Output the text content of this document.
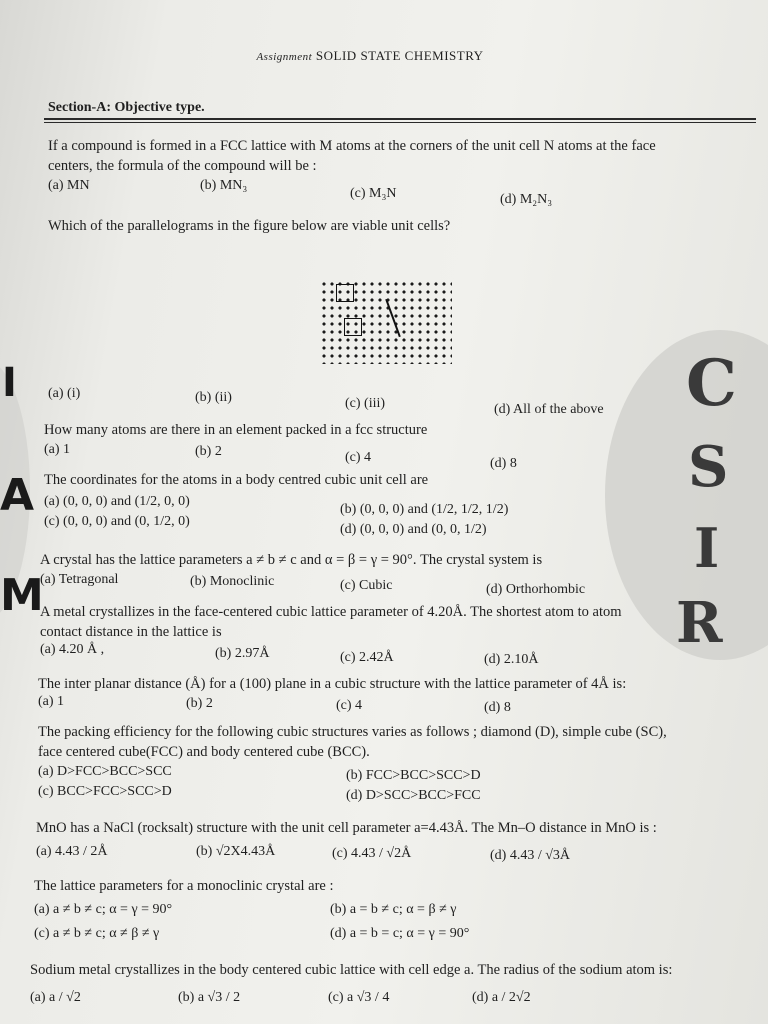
Assignment SOLID STATE CHEMISTRY
Section-A: Objective type.
If a compound is formed in a FCC lattice with M atoms at the corners of the unit cell N atoms at the face
centers, the formula of the compound will be :
(a) MN	(b) MN₃
(c) M₃N	(d) M₂N₃
Which of the parallelograms in the figure below are viable unit cells?
(a) (i)	(b) (ii)	(c) (iii)	(d) All of the above
How many atoms are there in an element packed in a fcc structure
(a) 1	(b) 2	(c) 4	(d) 8
The coordinates for the atoms in a body centred cubic unit cell are
(a) (0, 0, 0) and (1/2, 0, 0)
(b) (0, 0, 0) and (1/2, 1/2, 1/2)
(c) (0, 0, 0) and (0, 1/2, 0)
(d) (0, 0, 0) and (0, 0, 1/2)
A crystal has the lattice parameters a ≠ b ≠ c and α = β = γ = 90°. The crystal system is
(a) Tetragonal	(b) Monoclinic	(c) Cubic	(d) Orthorhombic
A metal crystallizes in the face-centered cubic lattice parameter of 4.20Å. The shortest atom to atom
contact distance in the lattice is
(a) 4.20 Å ,	(b) 2.97Å	(c) 2.42Å	(d) 2.10Å
The inter planar distance (Å) for a (100) plane in a cubic structure with the lattice parameter of 4Å is:
(a) 1	(b) 2	(c) 4	(d) 8
The packing efficiency for the following cubic structures varies as follows ; diamond (D), simple cube (SC),
face centered cube(FCC) and body centered cube (BCC).
(a) D>FCC>BCC>SCC	(b) FCC>BCC>SCC>D
(c) BCC>FCC>SCC>D	(d) D>SCC>BCC>FCC
MnO has a NaCl (rocksalt) structure with the unit cell parameter a=4.43Å. The Mn–O distance in MnO is :
(a) 4.43 / 2Å	(b) √2X4.43Å	(c) 4.43 / √2Å	(d) 4.43 / √3Å
The lattice parameters for a monoclinic crystal are :
(a) a ≠ b ≠ c; α = γ = 90°	(b) a = b ≠ c; α = β ≠ γ
(c) a ≠ b ≠ c; α ≠ β ≠ γ	(d) a = b = c; α = γ = 90°
Sodium metal crystallizes in the body centered cubic lattice with cell edge a. The radius of the sodium atom is:
(a) a / √2	(b) a √3 / 2	(c) a √3 / 4	(d) a / 2√2
C
S
I
R
I
A
M
